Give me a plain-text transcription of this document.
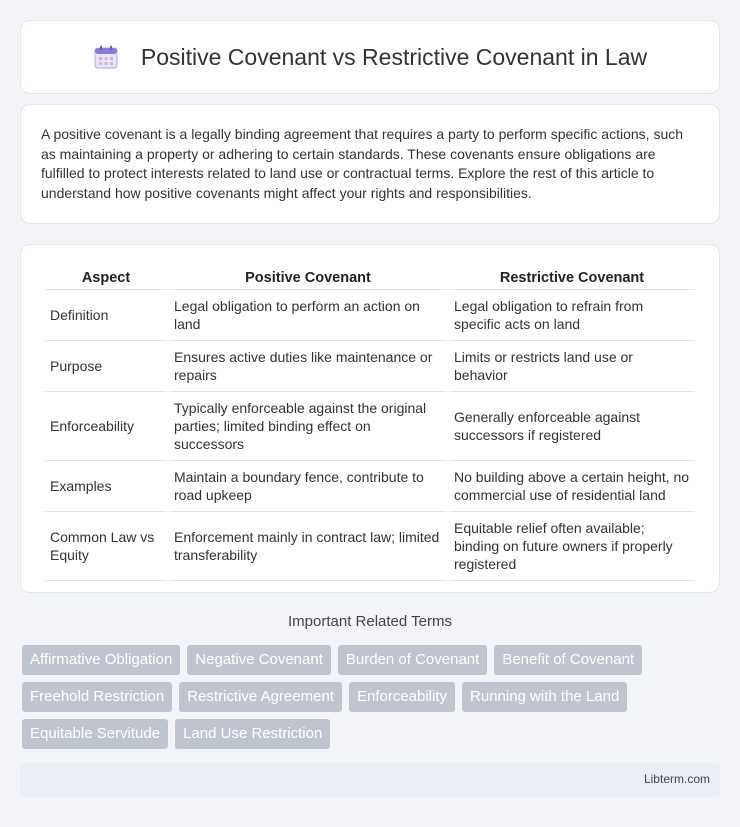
Positive Covenant vs Restrictive Covenant in Law

A positive covenant is a legally binding agreement that requires a party to perform specific actions, such as maintaining a property or adhering to certain standards. These covenants ensure obligations are fulfilled to protect interests related to land use or contractual terms. Explore the rest of this article to understand how positive covenants might affect your rights and responsibilities.

Aspect	Positive Covenant	Restrictive Covenant
Definition	Legal obligation to perform an action on land	Legal obligation to refrain from specific acts on land
Purpose	Ensures active duties like maintenance or repairs	Limits or restricts land use or behavior
Enforceability	Typically enforceable against the original parties; limited binding effect on successors	Generally enforceable against successors if registered
Examples	Maintain a boundary fence, contribute to road upkeep	No building above a certain height, no commercial use of residential land
Common Law vs Equity	Enforcement mainly in contract law; limited transferability	Equitable relief often available; binding on future owners if properly registered
Important Related Terms
Affirmative Obligation	Negative Covenant	Burden of Covenant	Benefit of Covenant
Freehold Restriction	Restrictive Agreement	Enforceability	Running with the Land
Equitable Servitude	Land Use Restriction
Libterm.com
